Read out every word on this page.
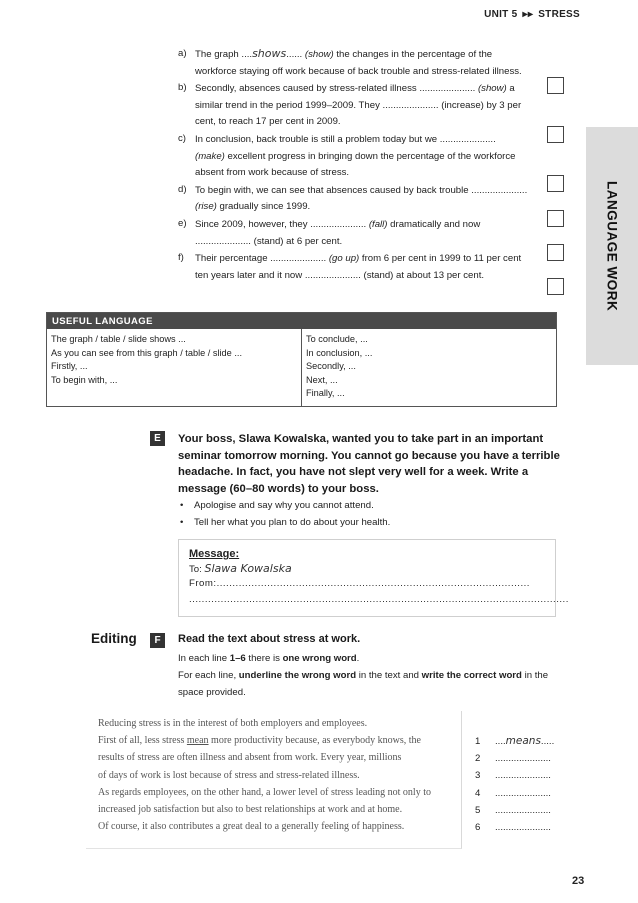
UNIT 5 ▸▸ STRESS
LANGUAGE WORK
a) The graph ....shows...... (show) the changes in the percentage of the workforce staying off work because of back trouble and stress-related illness.
b) Secondly, absences caused by stress-related illness ..................... (show) a similar trend in the period 1999–2009. They ..................... (increase) by 3 per cent, to reach 17 per cent in 2009.
c) In conclusion, back trouble is still a problem today but we ..................... (make) excellent progress in bringing down the percentage of the workforce absent from work because of stress.
d) To begin with, we can see that absences caused by back trouble ..................... (rise) gradually since 1999.
e) Since 2009, however, they ..................... (fall) dramatically and now ..................... (stand) at 6 per cent.
f)	Their percentage ..................... (go up) from 6 per cent in 1999 to 11 per cent ten years later and it now ..................... (stand) at about 13 per cent.
USEFUL LANGUAGE
The graph / table / slide shows ...
As you can see from this graph / table / slide ...
Firstly, ...
To begin with, ...
To conclude, ...
In conclusion, ...
Secondly, ...
Next, ...
Finally, ...
E	Your boss, Slawa Kowalska, wanted you to take part in an important seminar tomorrow morning. You cannot go because you have a terrible headache. In fact, you have not slept very well for a week. Write a message (60–80 words) to your boss.
•	Apologise and say why you cannot attend.
•	Tell her what you plan to do about your health.
Message:
To: Slawa Kowalska
From:...................................................................................................
........................................................................................................................
Editing	F	Read the text about stress at work.
In each line 1–6 there is one wrong word.
For each line, underline the wrong word in the text and write the correct word in the space provided.
Reducing stress is in the interest of both employers and employees.
First of all, less stress mean more productivity because, as everybody knows, the
results of stress are often illness and absent from work. Every year, millions
of days of work is lost because of stress and stress-related illness.
As regards employees, on the other hand, a lower level of stress leading not only to
increased job satisfaction but also to best relationships at work and at home.
Of course, it also contributes a great deal to a generally feeling of happiness.
1	....means.....
2	.....................
3	.....................
4	.....................
5	.....................
6	.....................
23
